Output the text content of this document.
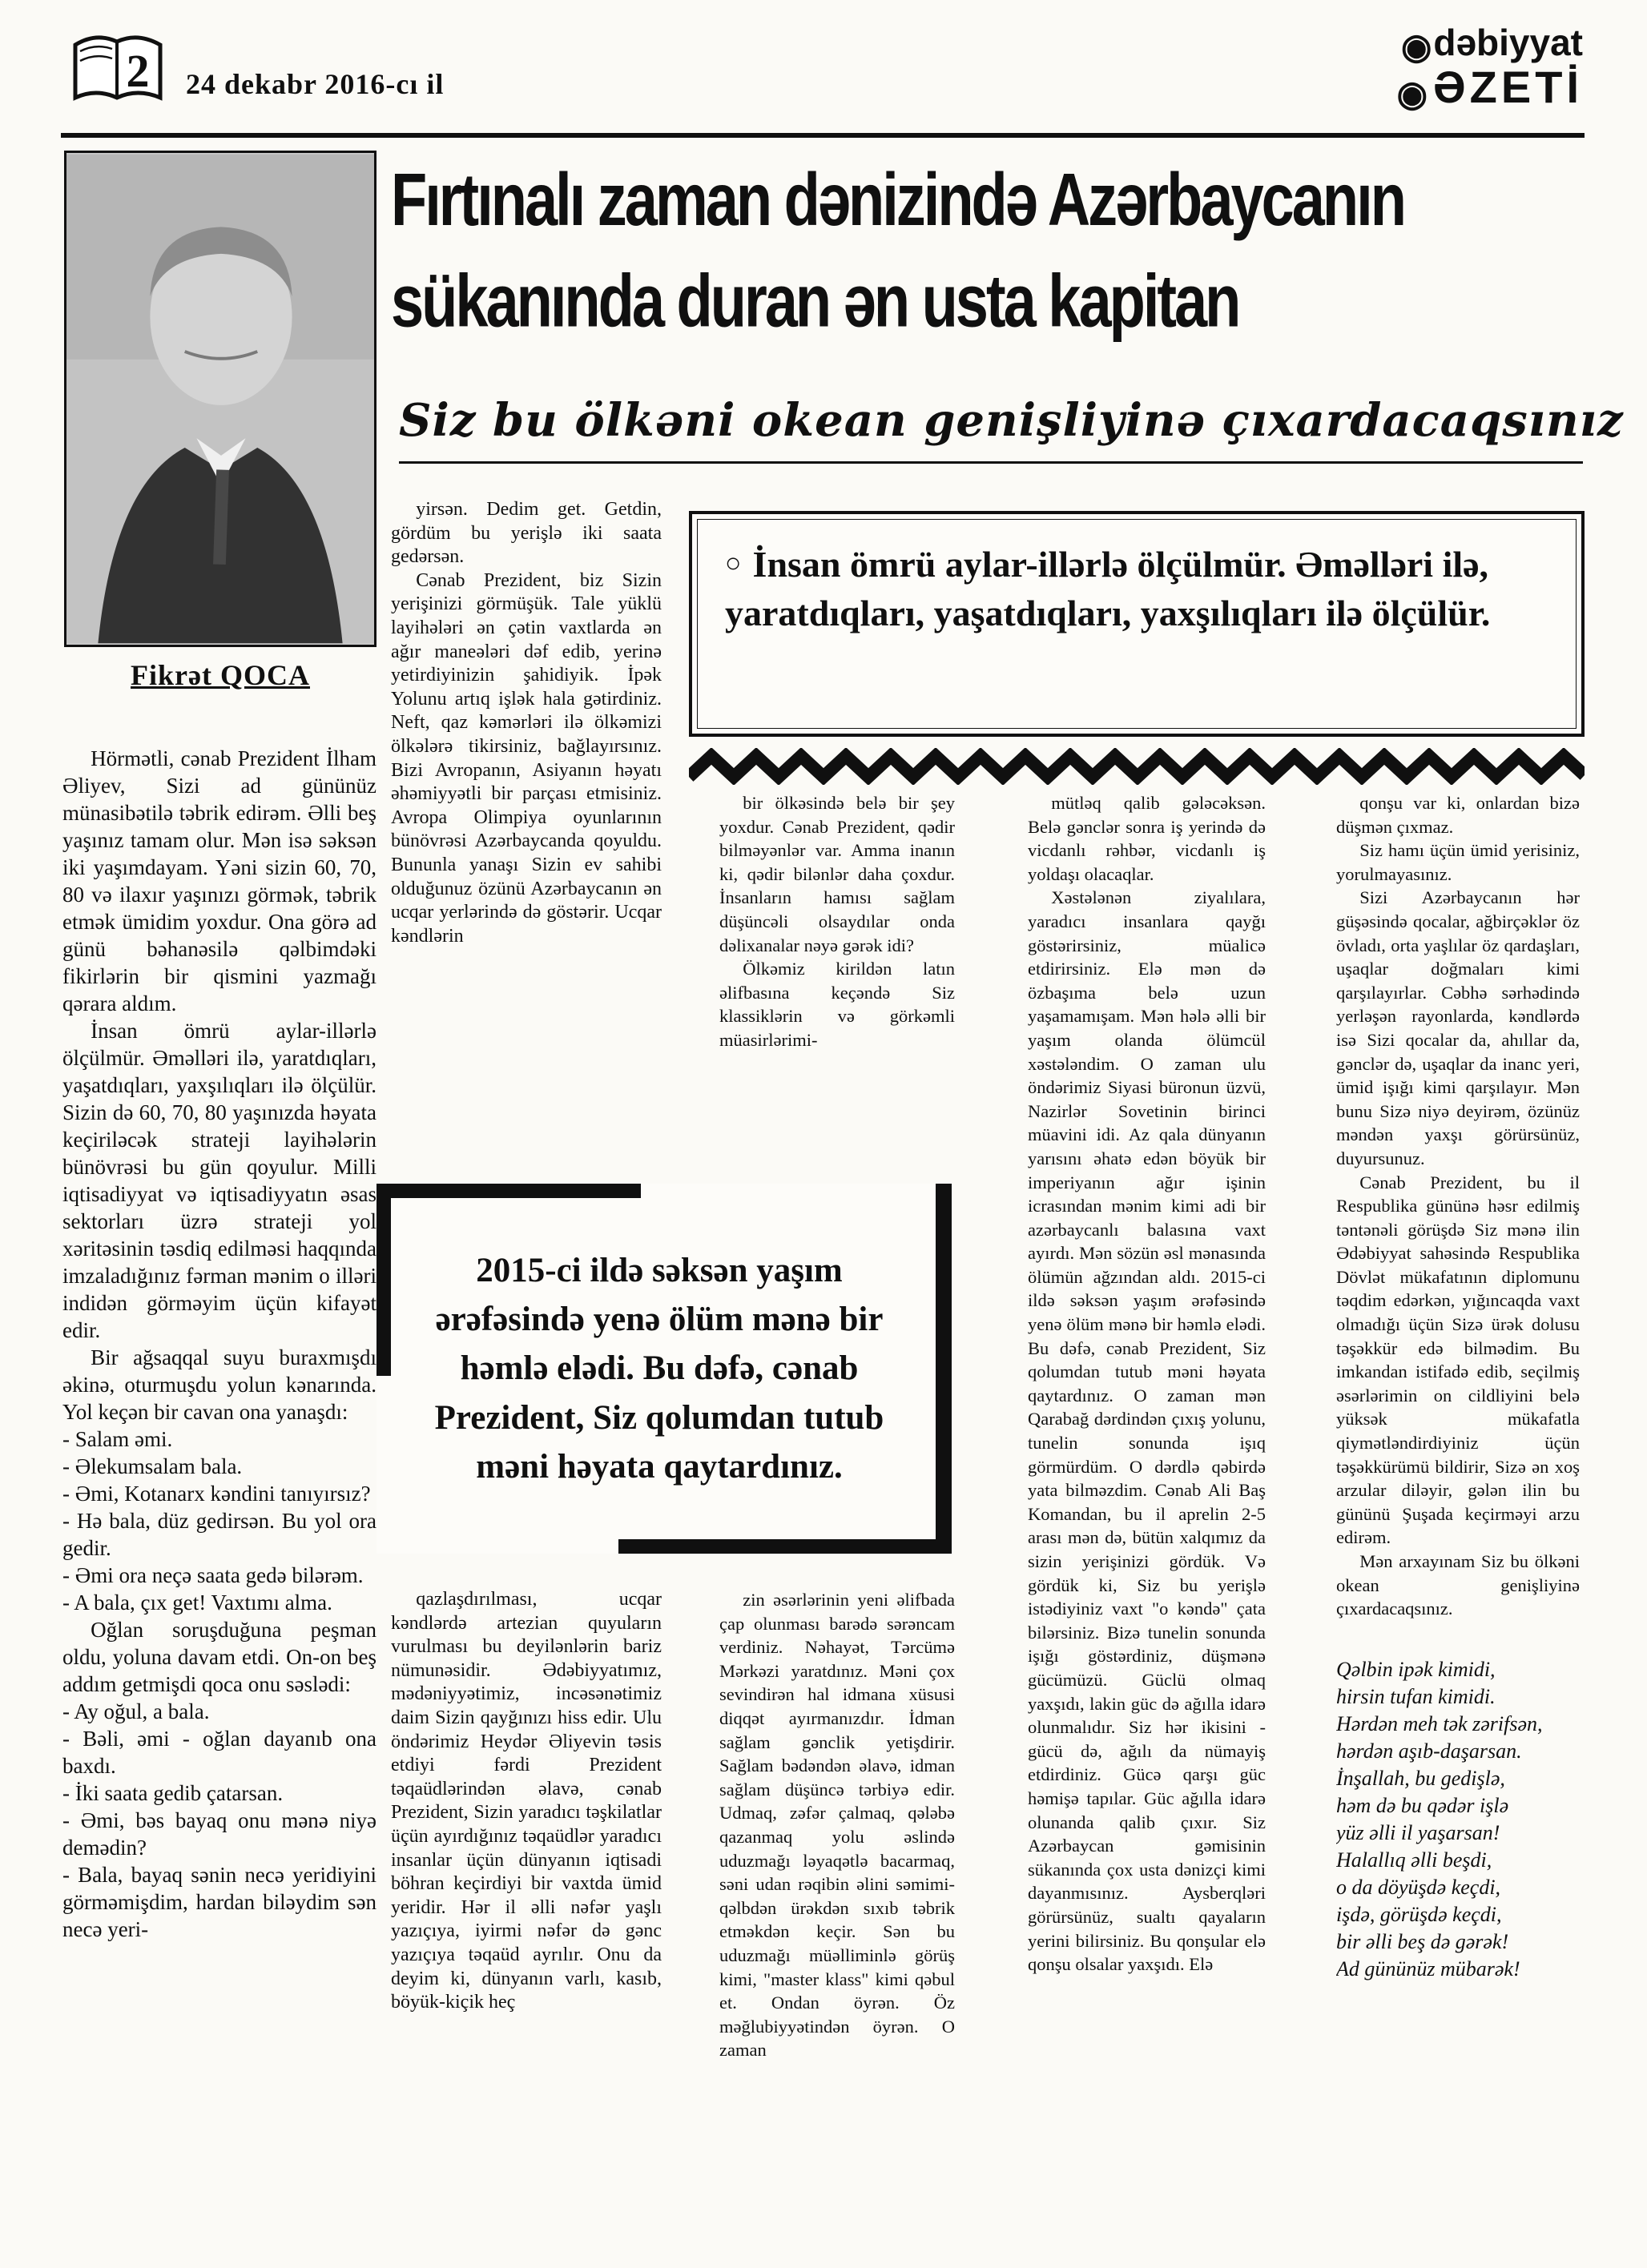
2 24 dekabr 2016-cı il
◉dəbiyyat
◉ƏZETİ
Fikrət QOCA
Fırtınalı zaman dənizində Azərbaycanın
sükanında duran ən usta kapitan
Siz bu ölkəni okean genişliyinə çıxardacaqsınız
○ İnsan ömrü aylar-illərlə ölçülmür. Əməlləri ilə, yaratdıqları, yaşatdıqları, yaxşılıqları ilə ölçülür.

Hörmətli, cənab Prezident İlham Əliyev, Sizi ad gününüz münasibətilə təbrik edirəm. Əlli beş yaşınız tamam olur. Mən isə səksən iki yaşımdayam. Yəni sizin 60, 70, 80 və ilaxır yaşınızı görmək, təbrik etmək ümidim yoxdur. Ona görə ad günü bəhanəsilə qəlbimdəki fikirlərin bir qismini yazmağı qərara aldım.

İnsan ömrü aylar-illərlə ölçülmür. Əməlləri ilə, yaratdıqları, yaşatdıqları, yaxşılıqları ilə ölçülür. Sizin də 60, 70, 80 yaşınızda həyata keçiriləcək strateji layihələrin bünövrəsi bu gün qoyulur. Milli iqtisadiyyat və iqtisadiyyatın əsas sektorları üzrə strateji yol xəritəsinin təsdiq edilməsi haqqında imzaladığınız fərman mənim o illəri indidən görməyim üçün kifayət edir.

Bir ağsaqqal suyu buraxmışdı əkinə, oturmuşdu yolun kənarında. Yol keçən bir cavan ona yanaşdı:

- Salam əmi.

- Əlekumsalam bala.

- Əmi, Kotanarx kəndini tanıyırsız?

- Hə bala, düz gedirsən. Bu yol ora gedir.

- Əmi ora neçə saata gedə bilərəm.

- A bala, çıx get! Vaxtımı alma.

Oğlan soruşduğuna peşman oldu, yoluna davam etdi. On-on beş addım getmişdi qoca onu səslədi:

- Ay oğul, a bala.

- Bəli, əmi - oğlan dayanıb ona baxdı.

- İki saata gedib çatarsan.

- Əmi, bəs bayaq onu mənə niyə demədin?

- Bala, bayaq sənin necə yeridiyini görməmişdim, hardan biləydim sən necə yeri-

yirsən. Dedim get. Getdin, gördüm bu yerişlə iki saata gedərsən.

Cənab Prezident, biz Sizin yerişinizi görmüşük. Tale yüklü layihələri ən çətin vaxtlarda ən ağır maneələri dəf edib, yerinə yetirdiyinizin şahidiyik. İpək Yolunu artıq işlək hala gətirdiniz. Neft, qaz kəmərləri ilə ölkəmizi ölkələrə tikirsiniz, bağlayırsınız. Bizi Avropanın, Asiyanın həyatı əhəmiyyətli bir parçası etmisiniz. Avropa Olimpiya oyunlarının bünövrəsi Azərbaycanda qoyuldu. Bununla yanaşı Sizin ev sahibi olduğunuz özünü Azərbaycanın ən ucqar yerlərində də göstərir. Ucqar kəndlərin

qazlaşdırılması, ucqar kəndlərdə artezian quyuların vurulması bu deyilənlərin bariz nümunəsidir. Ədəbiyyatımız, mədəniyyətimiz, incəsənətimiz daim Sizin qayğınızı hiss edir. Ulu öndərimiz Heydər Əliyevin təsis etdiyi fərdi Prezident təqaüdlərindən əlavə, cənab Prezident, Sizin yaradıcı təşkilatlar üçün ayırdığınız təqaüdlər yaradıcı insanlar üçün dünyanın iqtisadi böhran keçirdiyi bir vaxtda ümid yeridir. Hər il əlli nəfər yaşlı yazıçıya, iyirmi nəfər də gənc yazıçıya təqaüd ayrılır. Onu da deyim ki, dünyanın varlı, kasıb, böyük-kiçik heç

bir ölkəsində belə bir şey yoxdur. Cənab Prezident, qədir bilməyənlər var. Amma inanın ki, qədir bilənlər daha çoxdur. İnsanların hamısı sağlam düşüncəli olsaydılar onda dəlixanalar nəyə gərək idi?

Ölkəmiz kirildən latın əlifbasına keçəndə Siz klassiklərin və görkəmli müasirlərimi-

zin əsərlərinin yeni əlifbada çap olunması barədə sərəncam verdiniz. Nəhayət, Tərcümə Mərkəzi yaratdınız. Məni çox sevindirən hal idmana xüsusi diqqət ayırmanızdır. İdman sağlam gənclik yetişdirir. Sağlam bədəndən əlavə, idman sağlam düşüncə tərbiyə edir. Udmaq, zəfər çalmaq, qələbə qazanmaq yolu əslində uduzmağı ləyaqətlə bacarmaq, səni udan rəqibin əlini səmimi-qəlbdən ürəkdən sıxıb təbrik etməkdən keçir. Sən bu uduzmağı müəlliminlə görüş kimi, "master klass" kimi qəbul et. Ondan öyrən. Öz məğlubiyyətindən öyrən. O zaman

mütləq qalib gələcəksən. Belə gənclər sonra iş yerində də vicdanlı rəhbər, vicdanlı iş yoldaşı olacaqlar.

Xəstələnən ziyalılara, yaradıcı insanlara qayğı göstərirsiniz, müalicə etdirirsiniz. Elə mən də özbaşıma belə uzun yaşamamışam. Mən hələ əlli bir yaşım olanda ölümcül xəstələndim. O zaman ulu öndərimiz Siyasi büronun üzvü, Nazirlər Sovetinin birinci müavini idi. Az qala dünyanın yarısını əhatə edən böyük bir imperiyanın ağır işinin icrasından mənim kimi adi bir azərbaycanlı balasına vaxt ayırdı. Mən sözün əsl mənasında ölümün ağzından aldı. 2015-ci ildə səksən yaşım ərəfəsində yenə ölüm mənə bir həmlə elədi. Bu dəfə, cənab Prezident, Siz qolumdan tutub məni həyata qaytardınız. O zaman mən Qarabağ dərdindən çıxış yolunu, tunelin sonunda işıq görmürdüm. O dərdlə qəbirdə yata bilməzdim. Cənab Ali Baş Komandan, bu il aprelin 2-5 arası mən də, bütün xalqımız da sizin yerişinizi gördük. Və gördük ki, Siz bu yerişlə istədiyiniz vaxt "o kəndə" çata bilərsiniz. Bizə tunelin sonunda işığı göstərdiniz, düşmənə gücümüzü. Güclü olmaq yaxşıdı, lakin güc də ağılla idarə olunmalıdır. Siz hər ikisini - gücü də, ağılı da nümayiş etdirdiniz. Gücə qarşı güc həmişə tapılar. Güc ağılla idarə olunanda qalib çıxır. Siz Azərbaycan gəmisinin sükanında çox usta dənizçi kimi dayanmısınız. Aysberqləri görürsünüz, sualtı qayaların yerini bilirsiniz. Bu qonşular elə qonşu olsalar yaxşıdı. Elə

qonşu var ki, onlardan bizə düşmən çıxmaz.

Siz hamı üçün ümid yerisiniz, yorulmayasınız.

Sizi Azərbaycanın hər güşəsində qocalar, ağbirçəklər öz övladı, orta yaşlılar öz qardaşları, uşaqlar doğmaları kimi qarşılayırlar. Cəbhə sərhədində yerləşən rayonlarda, kəndlərdə isə Sizi qocalar da, ahıllar da, gənclər də, uşaqlar da inanc yeri, ümid işığı kimi qarşılayır. Mən bunu Sizə niyə deyirəm, özünüz məndən yaxşı görürsünüz, duyursunuz.

Cənab Prezident, bu il Respublika gününə həsr edilmiş təntənəli görüşdə Siz mənə ilin Ədəbiyyat sahəsində Respublika Dövlət mükafatının diplomunu təqdim edərkən, yığıncaqda vaxt olmadığı üçün Sizə ürək dolusu təşəkkür edə bilmədim. Bu imkandan istifadə edib, seçilmiş əsərlərimin on cildliyini belə yüksək mükafatla qiymətləndirdiyiniz üçün təşəkkürümü bildirir, Sizə ən xoş arzular diləyir, gələn ilin bu gününü Şuşada keçirməyi arzu edirəm.

Mən arxayınam Siz bu ölkəni okean genişliyinə çıxardacaqsınız.

Qəlbin ipək kimidi,

hirsin tufan kimidi.

Hərdən meh tək zərifsən,

hərdən aşıb-daşarsan.

İnşallah, bu gedişlə,

həm də bu qədər işlə

yüz əlli il yaşarsan!

Halallıq əlli beşdi,

o da döyüşdə keçdi,

işdə, görüşdə keçdi,

bir əlli beş də gərək!

Ad gününüz mübarək!

2015-ci ildə səksən yaşım ərəfəsində yenə ölüm mənə bir həmlə elədi. Bu dəfə, cənab Prezident, Siz qolumdan tutub məni həyata qaytardınız.
